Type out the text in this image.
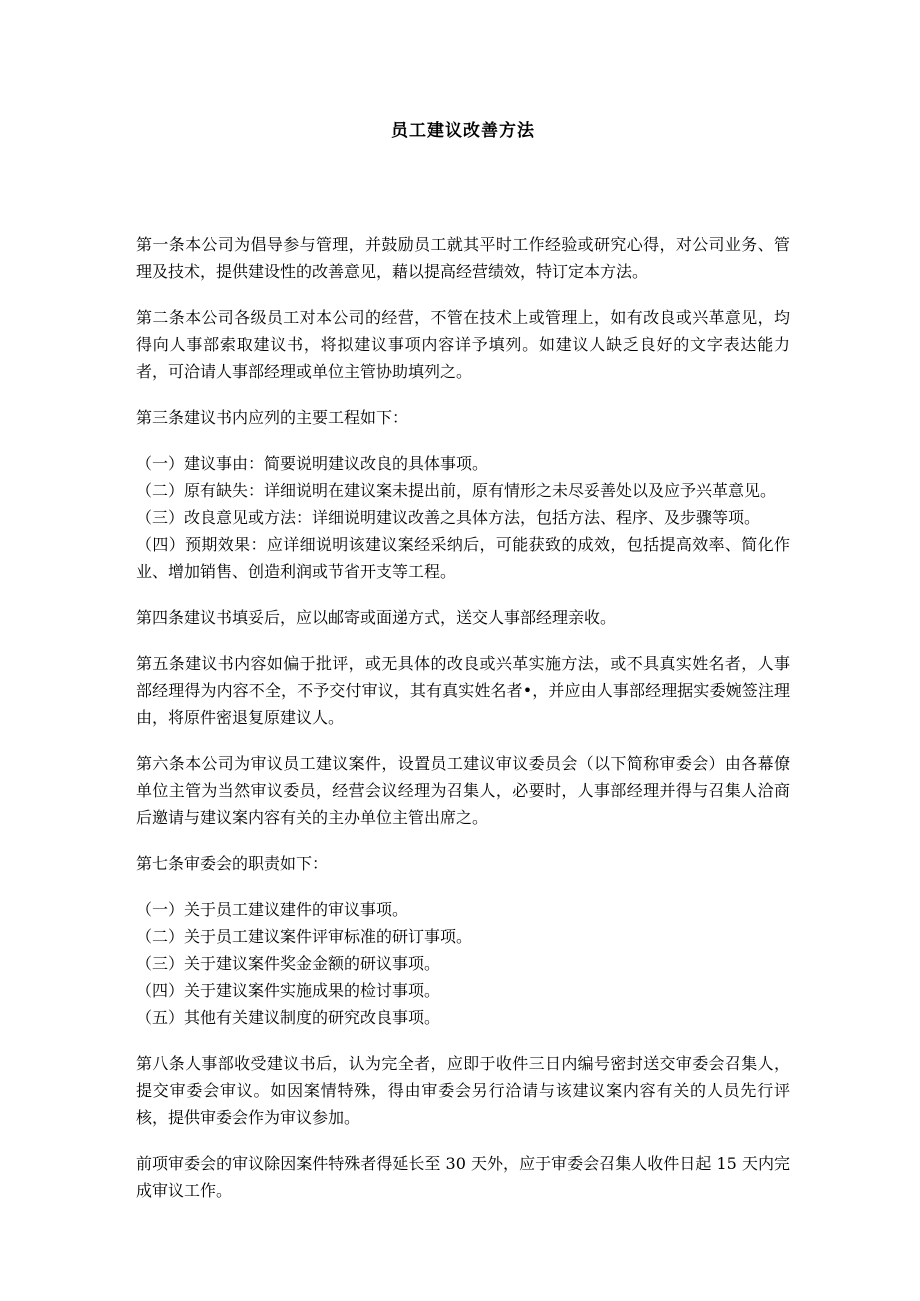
员工建议改善方法

第一条本公司为倡导参与管理，并鼓励员工就其平时工作经验或研究心得，对公司业务、管理及技术，提供建设性的改善意见，藉以提高经营绩效，特订定本方法。

第二条本公司各级员工对本公司的经营，不管在技术上或管理上，如有改良或兴革意见，均得向人事部索取建议书，将拟建议事项内容详予填列。如建议人缺乏良好的文字表达能力者，可洽请人事部经理或单位主管协助填列之。

第三条建议书内应列的主要工程如下：

（一）建议事由：简要说明建议改良的具体事项。

（二）原有缺失：详细说明在建议案未提出前，原有情形之未尽妥善处以及应予兴革意见。

（三）改良意见或方法：详细说明建议改善之具体方法，包括方法、程序、及步骤等项。

（四）预期效果：应详细说明该建议案经采纳后，可能获致的成效，包括提高效率、简化作业、增加销售、创造利润或节省开支等工程。

第四条建议书填妥后，应以邮寄或面递方式，送交人事部经理亲收。

第五条建议书内容如偏于批评，或无具体的改良或兴革实施方法，或不具真实姓名者，人事部经理得为内容不全，不予交付审议，其有真实姓名者•，并应由人事部经理据实委婉签注理由，将原件密退复原建议人。

第六条本公司为审议员工建议案件，设置员工建议审议委员会（以下简称审委会）由各幕僚单位主管为当然审议委员，经营会议经理为召集人，必要时，人事部经理并得与召集人洽商后邀请与建议案内容有关的主办单位主管出席之。

第七条审委会的职责如下：

（一）关于员工建议建件的审议事项。

（二）关于员工建议案件评审标准的研订事项。

（三）关于建议案件奖金金额的研议事项。

（四）关于建议案件实施成果的检讨事项。

（五）其他有关建议制度的研究改良事项。

第八条人事部收受建议书后，认为完全者，应即于收件三日内编号密封送交审委会召集人，提交审委会审议。如因案情特殊，得由审委会另行洽请与该建议案内容有关的人员先行评核，提供审委会作为审议参加。

前项审委会的审议除因案件特殊者得延长至 30 天外，应于审委会召集人收件日起 15 天内完成审议工作。
